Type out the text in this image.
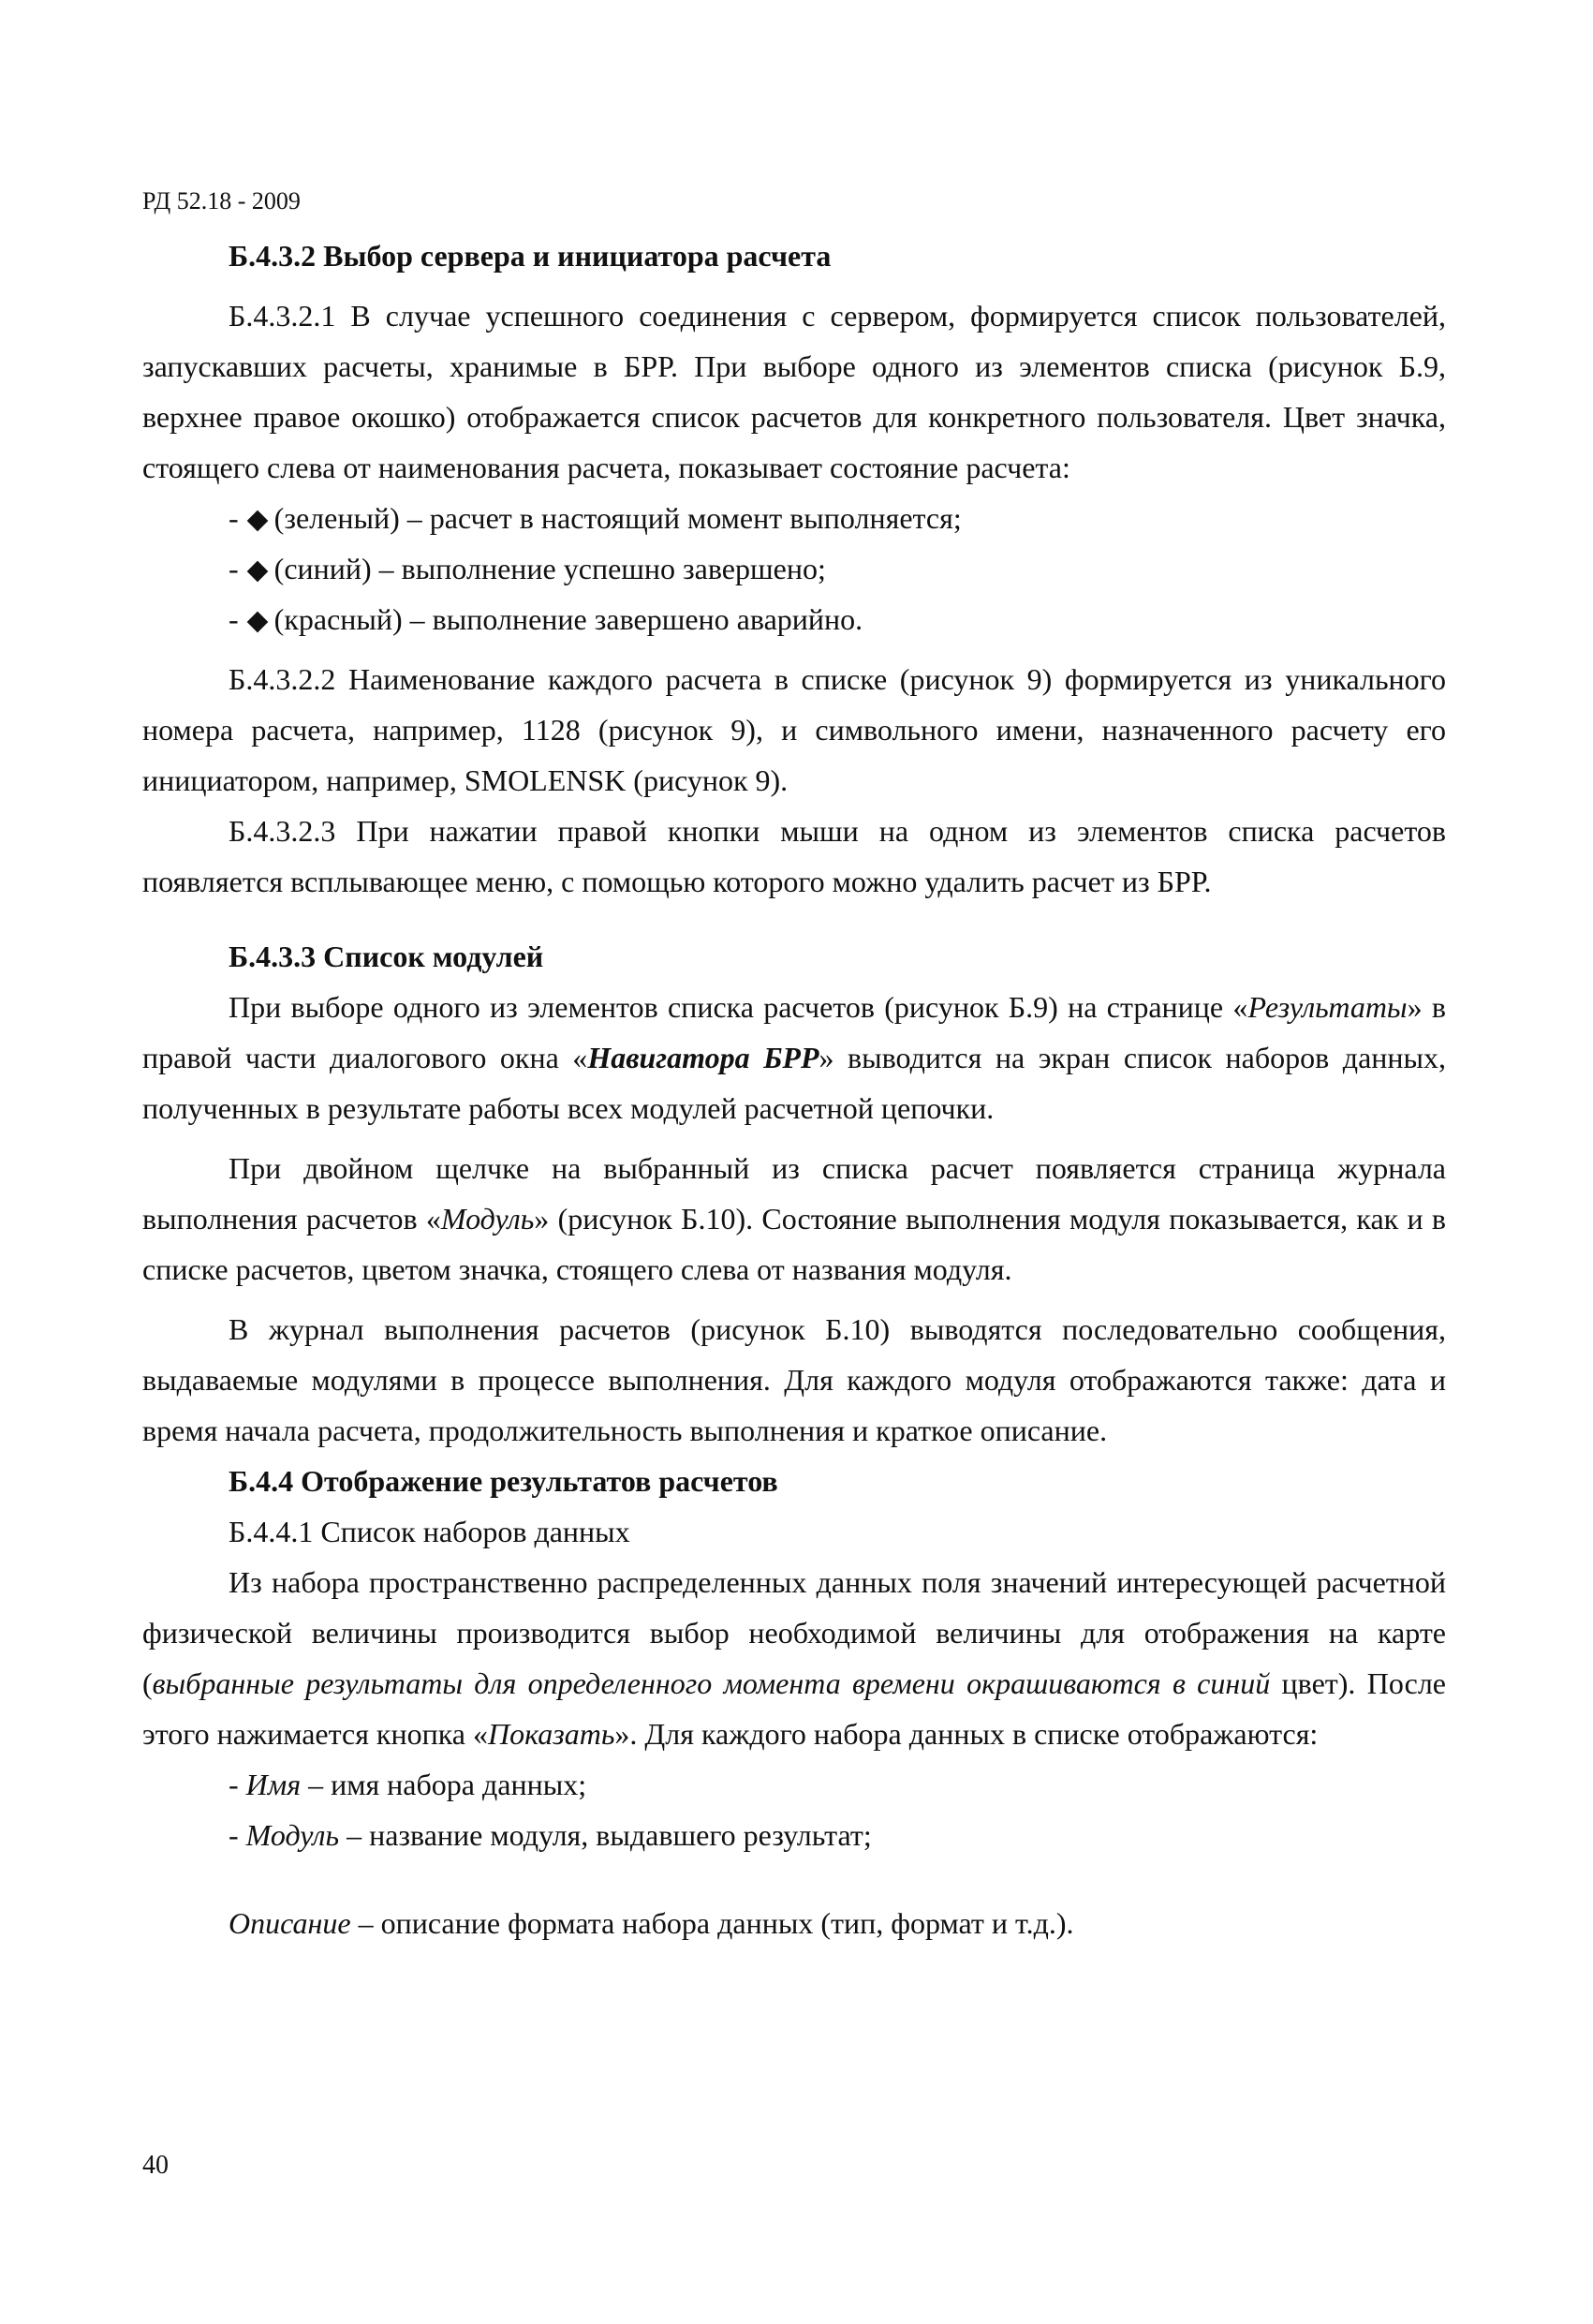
РД 52.18 - 2009

Б.4.3.2 Выбор сервера и инициатора расчета

Б.4.3.2.1 В случае успешного соединения с сервером, формируется список пользователей, запускавших расчеты, хранимые в БРР. При выборе одного из элементов списка (рисунок Б.9, верхнее правое окошко) отображается список расчетов для конкретного пользователя. Цвет значка, стоящего слева от наименования расчета, показывает состояние расчета:

- (зеленый) – расчет в настоящий момент выполняется;

- (синий) – выполнение успешно завершено;

- (красный) – выполнение завершено аварийно.

Б.4.3.2.2 Наименование каждого расчета в списке (рисунок 9) формируется из уникального номера расчета, например, 1128 (рисунок 9), и символьного имени, назначенного расчету его инициатором, например, SMOLENSK (рисунок 9).

Б.4.3.2.3 При нажатии правой кнопки мыши на одном из элементов списка расчетов появляется всплывающее меню, с помощью которого можно удалить расчет из БРР.

Б.4.3.3 Список модулей

При выборе одного из элементов списка расчетов (рисунок Б.9) на странице «Результаты» в правой части диалогового окна «Навигатора БРР» выводится на экран список наборов данных, полученных в результате работы всех модулей расчетной цепочки.

При двойном щелчке на выбранный из списка расчет появляется страница журнала выполнения расчетов «Модуль» (рисунок Б.10). Состояние выполнения модуля показывается, как и в списке расчетов, цветом значка, стоящего слева от названия модуля.

В журнал выполнения расчетов (рисунок Б.10) выводятся последовательно сообщения, выдаваемые модулями в процессе выполнения. Для каждого модуля отображаются также: дата и время начала расчета, продолжительность выполнения и краткое описание.

Б.4.4 Отображение результатов расчетов

Б.4.4.1 Список наборов данных

Из набора пространственно распределенных данных поля значений интересующей расчетной физической величины производится выбор необходимой величины для отображения на карте (выбранные результаты для определенного момента времени окрашиваются в синий цвет). После этого нажимается кнопка «Показать». Для каждого набора данных в списке отображаются:

- Имя – имя набора данных;

- Модуль – название модуля, выдавшего результат;

Описание – описание формата набора данных (тип, формат и т.д.).

40
